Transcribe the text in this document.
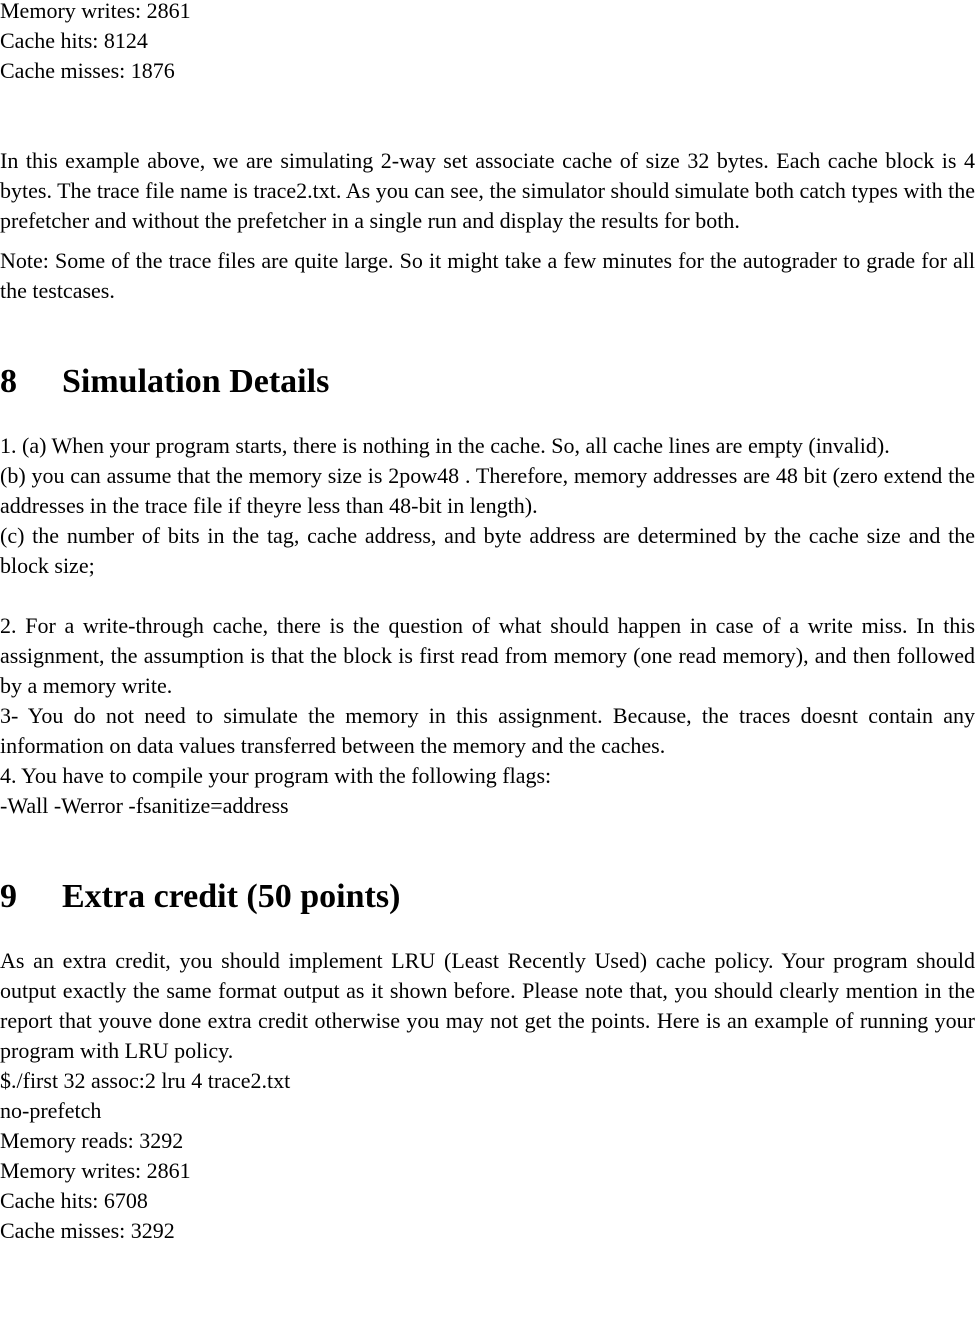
Memory writes: 2861
Cache hits: 8124
Cache misses: 1876
In this example above, we are simulating 2-way set associate cache of size 32 bytes. Each cache block is 4 bytes. The trace file name is trace2.txt. As you can see, the simulator should simulate both catch types with the prefetcher and without the prefetcher in a single run and display the results for both.
Note: Some of the trace files are quite large. So it might take a few minutes for the autograder to grade for all the testcases.
8	Simulation Details
1. (a) When your program starts, there is nothing in the cache. So, all cache lines are empty (invalid).
(b) you can assume that the memory size is 2pow48 . Therefore, memory addresses are 48 bit (zero extend the addresses in the trace file if theyre less than 48-bit in length).
(c) the number of bits in the tag, cache address, and byte address are determined by the cache size and the block size;
2. For a write-through cache, there is the question of what should happen in case of a write miss. In this assignment, the assumption is that the block is first read from memory (one read memory), and then followed by a memory write.
3- You do not need to simulate the memory in this assignment. Because, the traces doesnt contain any information on data values transferred between the memory and the caches.
4. You have to compile your program with the following flags:
-Wall -Werror -fsanitize=address
9	Extra credit (50 points)
As an extra credit, you should implement LRU (Least Recently Used) cache policy. Your program should output exactly the same format output as it shown before. Please note that, you should clearly mention in the report that youve done extra credit otherwise you may not get the points. Here is an example of running your program with LRU policy.
$./first 32 assoc:2 lru 4 trace2.txt
no-prefetch
Memory reads: 3292
Memory writes: 2861
Cache hits: 6708
Cache misses: 3292
